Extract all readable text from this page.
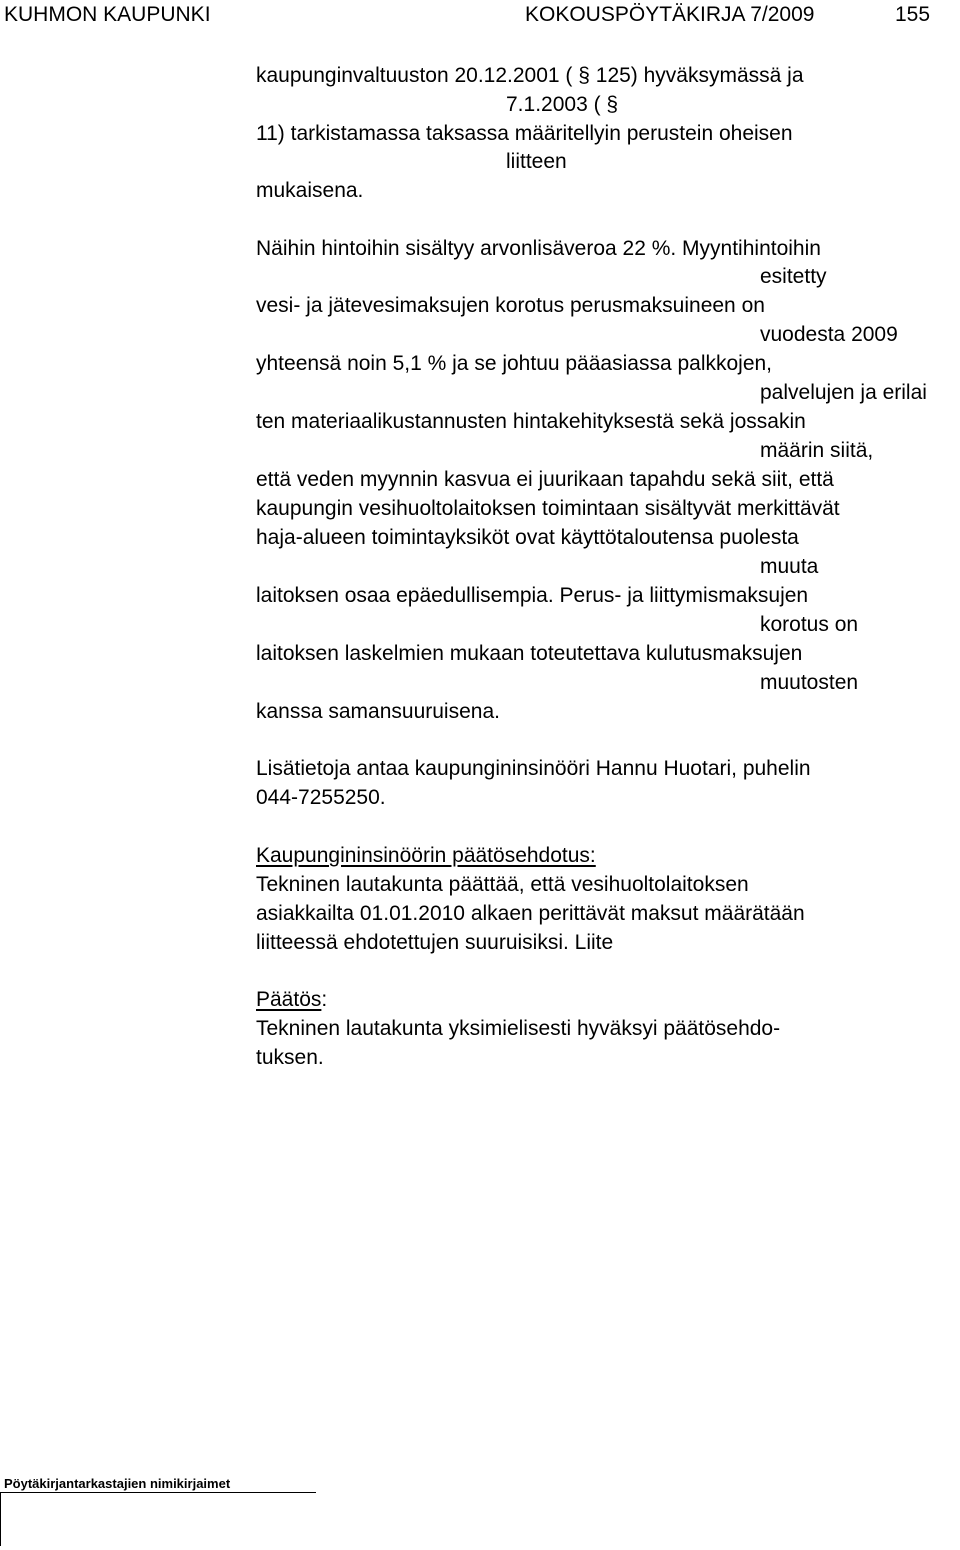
KUHMON KAUPUNKI	KOKOUSPÖYTÄKIRJA 7/2009	155
kaupunginvaltuuston 20.12.2001 ( § 125) hyväksymässä ja
7.1.2003 ( §
11) tarkistamassa taksassa määritellyin perustein oheisen
liitteen
mukaisena.
Näihin hintoihin sisältyy arvonlisäveroa 22 %. Myyntihintoihin
esitetty
vesi- ja jätevesimaksujen korotus perusmaksuineen on
vuodesta 2009
yhteensä noin 5,1 % ja se johtuu pääasiassa palkkojen,
palvelujen ja erilai
ten materiaalikustannusten hintakehityksestä sekä jossakin
määrin siitä,
että veden myynnin kasvua ei juurikaan tapahdu sekä siit, että
kaupungin vesihuoltolaitoksen toimintaan sisältyvät merkittävät
haja-alueen toimintayksiköt ovat käyttötaloutensa puolesta
muuta
laitoksen osaa epäedullisempia. Perus- ja liittymismaksujen
korotus on
laitoksen laskelmien mukaan toteutettava kulutusmaksujen
muutosten
kanssa samansuuruisena.
Lisätietoja antaa kaupungininsinööri Hannu Huotari, puhelin
044-7255250.
Kaupungininsinöörin päätösehdotus:
Tekninen lautakunta päättää, että vesihuoltolaitoksen
asiakkailta 01.01.2010 alkaen perittävät maksut määrätään
liitteessä ehdotettujen suuruisiksi. Liite
Päätös:
Tekninen lautakunta yksimielisesti hyväksyi päätösehdo-
tuksen.
Pöytäkirjantarkastajien nimikirjaimet
